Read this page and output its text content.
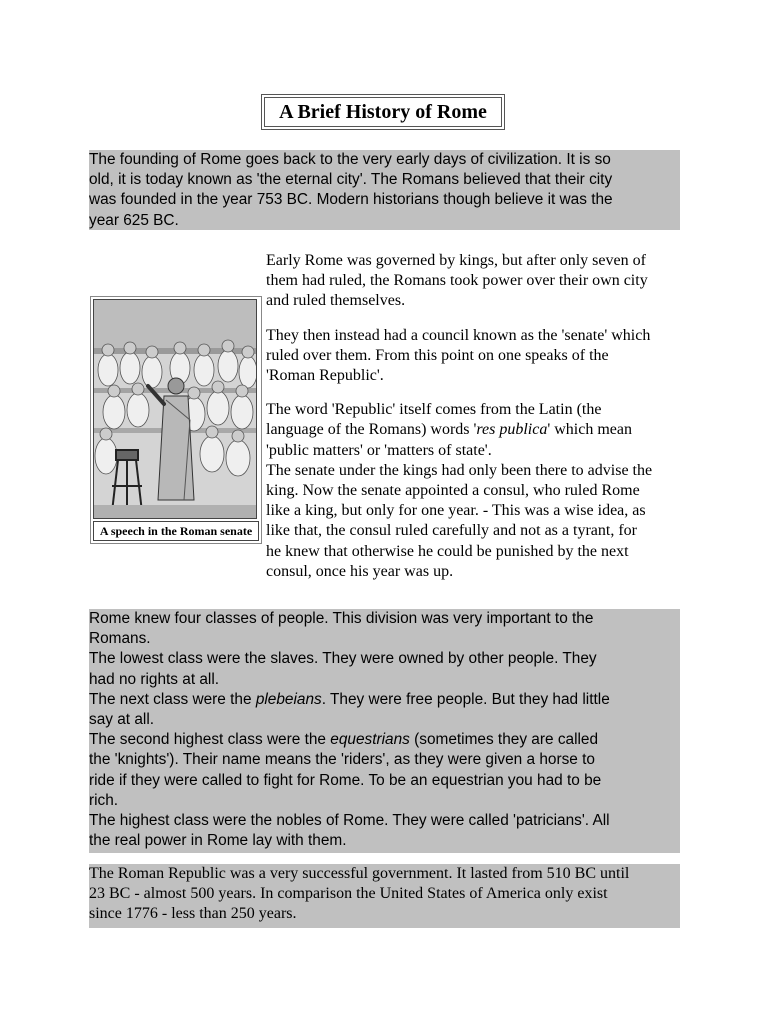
A Brief History of Rome
The founding of Rome goes back to the very early days of civilization. It is so
old, it is today known as 'the eternal city'. The Romans believed that their city
was founded in the year 753 BC. Modern historians though believe it was the
year 625 BC.
A speech in the Roman senate
Early Rome was governed by kings, but after only seven of
them had ruled, the Romans took power over their own city
and ruled themselves.
They then instead had a council known as the 'senate' which
ruled over them. From this point on one speaks of the
'Roman Republic'.
The word 'Republic' itself comes from the Latin (the
language of the Romans) words 'res publica' which mean
'public matters' or 'matters of state'.
The senate under the kings had only been there to advise the
king. Now the senate appointed a consul, who ruled Rome
like a king, but only for one year. - This was a wise idea, as
like that, the consul ruled carefully and not as a tyrant, for
he knew that otherwise he could be punished by the next
consul, once his year was up.
Rome knew four classes of people. This division was very important to the
Romans.
The lowest class were the slaves. They were owned by other people. They
had no rights at all.
The next class were the plebeians. They were free people. But they had little
say at all.
The second highest class were the equestrians (sometimes they are called
the 'knights'). Their name means the 'riders', as they were given a horse to
ride if they were called to fight for Rome. To be an equestrian you had to be
rich.
The highest class were the nobles of Rome. They were called 'patricians'. All
the real power in Rome lay with them.
The Roman Republic was a very successful government. It lasted from 510 BC until
23 BC - almost 500 years. In comparison the United States of America only exist
since 1776 - less than 250 years.
